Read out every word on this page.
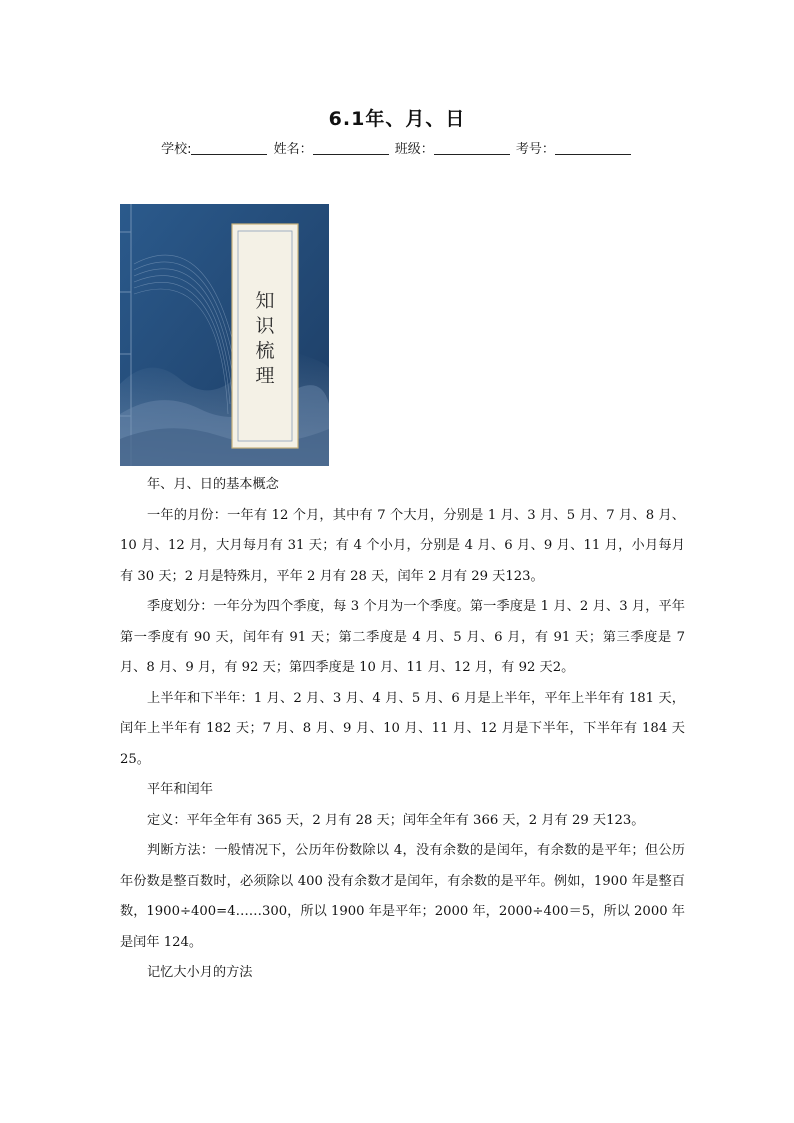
6.1年、月、日
学校:	姓名：	班级：	考号：
知
识
梳
理

年、月、日的基本概念

一年的月份：一年有 12 个月，其中有 7 个大月，分别是 1 月、3 月、5 月、7 月、8 月、10 月、12 月，大月每月有 31 天；有 4 个小月，分别是 4 月、6 月、9 月、11 月，小月每月有 30 天；2 月是特殊月，平年 2 月有 28 天，闰年 2 月有 29 天123。

季度划分：一年分为四个季度，每 3 个月为一个季度。第一季度是 1 月、2 月、3 月，平年第一季度有 90 天，闰年有 91 天；第二季度是 4 月、5 月、6 月，有 91 天；第三季度是 7 月、8 月、9 月，有 92 天；第四季度是 10 月、11 月、12 月，有 92 天2。

上半年和下半年：1 月、2 月、3 月、4 月、5 月、6 月是上半年，平年上半年有 181 天，闰年上半年有 182 天；7 月、8 月、9 月、10 月、11 月、12 月是下半年，下半年有 184 天25。

平年和闰年

定义：平年全年有 365 天，2 月有 28 天；闰年全年有 366 天，2 月有 29 天123。

判断方法：一般情况下，公历年份数除以 4，没有余数的是闰年，有余数的是平年；但公历年份数是整百数时，必须除以 400 没有余数才是闰年，有余数的是平年。例如，1900 年是整百数，1900÷400=4……300，所以 1900 年是平年；2000 年，2000÷400＝5，所以 2000 年是闰年 124。

记忆大小月的方法
